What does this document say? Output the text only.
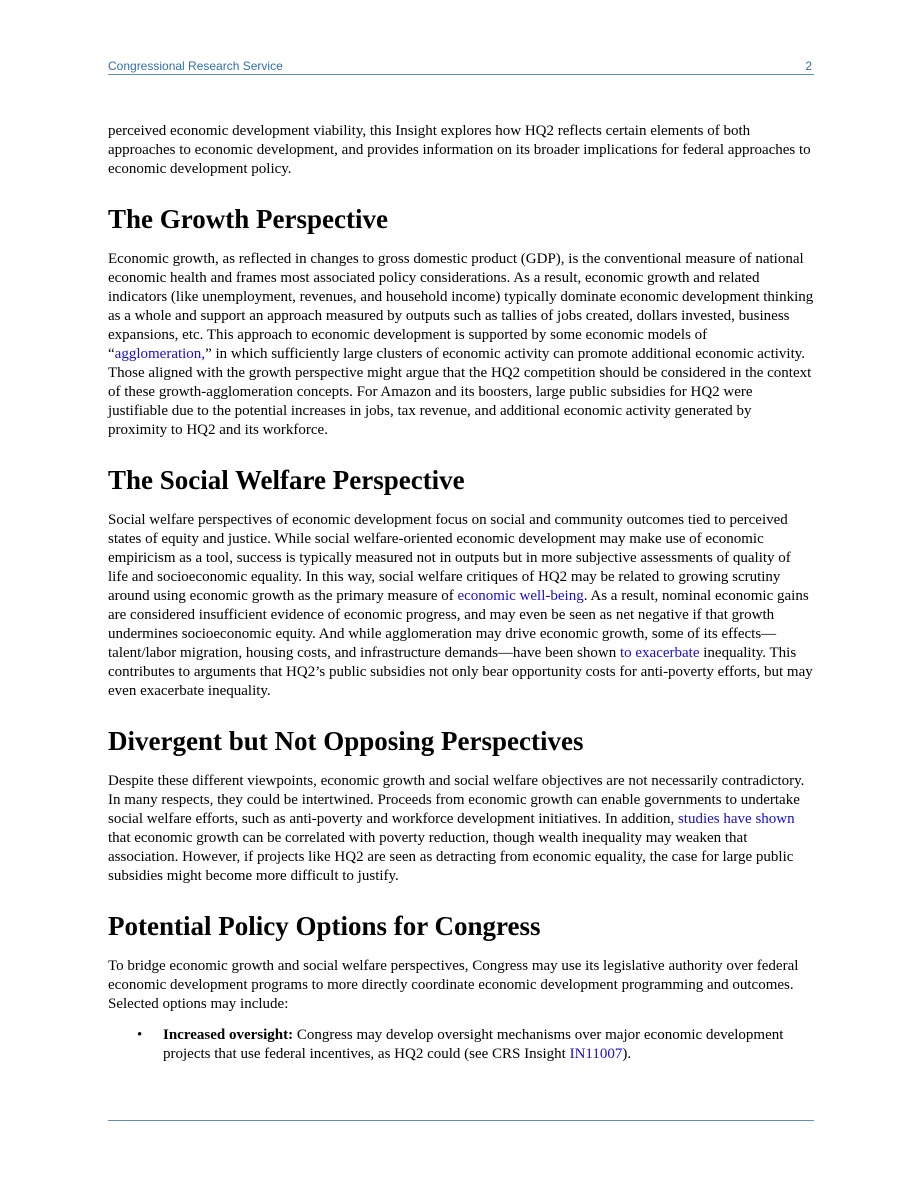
Congressional Research Service	2

perceived economic development viability, this Insight explores how HQ2 reflects certain elements of both approaches to economic development, and provides information on its broader implications for federal approaches to economic development policy.

The Growth Perspective

Economic growth, as reflected in changes to gross domestic product (GDP), is the conventional measure of national economic health and frames most associated policy considerations. As a result, economic growth and related indicators (like unemployment, revenues, and household income) typically dominate economic development thinking as a whole and support an approach measured by outputs such as tallies of jobs created, dollars invested, business expansions, etc. This approach to economic development is supported by some economic models of “agglomeration,” in which sufficiently large clusters of economic activity can promote additional economic activity. Those aligned with the growth perspective might argue that the HQ2 competition should be considered in the context of these growth-agglomeration concepts. For Amazon and its boosters, large public subsidies for HQ2 were justifiable due to the potential increases in jobs, tax revenue, and additional economic activity generated by proximity to HQ2 and its workforce.

The Social Welfare Perspective

Social welfare perspectives of economic development focus on social and community outcomes tied to perceived states of equity and justice. While social welfare-oriented economic development may make use of economic empiricism as a tool, success is typically measured not in outputs but in more subjective assessments of quality of life and socioeconomic equality. In this way, social welfare critiques of HQ2 may be related to growing scrutiny around using economic growth as the primary measure of economic well-being. As a result, nominal economic gains are considered insufficient evidence of economic progress, and may even be seen as net negative if that growth undermines socioeconomic equity. And while agglomeration may drive economic growth, some of its effects—talent/labor migration, housing costs, and infrastructure demands—have been shown to exacerbate inequality. This contributes to arguments that HQ2’s public subsidies not only bear opportunity costs for anti-poverty efforts, but may even exacerbate inequality.

Divergent but Not Opposing Perspectives

Despite these different viewpoints, economic growth and social welfare objectives are not necessarily contradictory. In many respects, they could be intertwined. Proceeds from economic growth can enable governments to undertake social welfare efforts, such as anti-poverty and workforce development initiatives. In addition, studies have shown that economic growth can be correlated with poverty reduction, though wealth inequality may weaken that association. However, if projects like HQ2 are seen as detracting from economic equality, the case for large public subsidies might become more difficult to justify.

Potential Policy Options for Congress

To bridge economic growth and social welfare perspectives, Congress may use its legislative authority over federal economic development programs to more directly coordinate economic development programming and outcomes. Selected options may include:

• Increased oversight: Congress may develop oversight mechanisms over major economic development projects that use federal incentives, as HQ2 could (see CRS Insight IN11007).
